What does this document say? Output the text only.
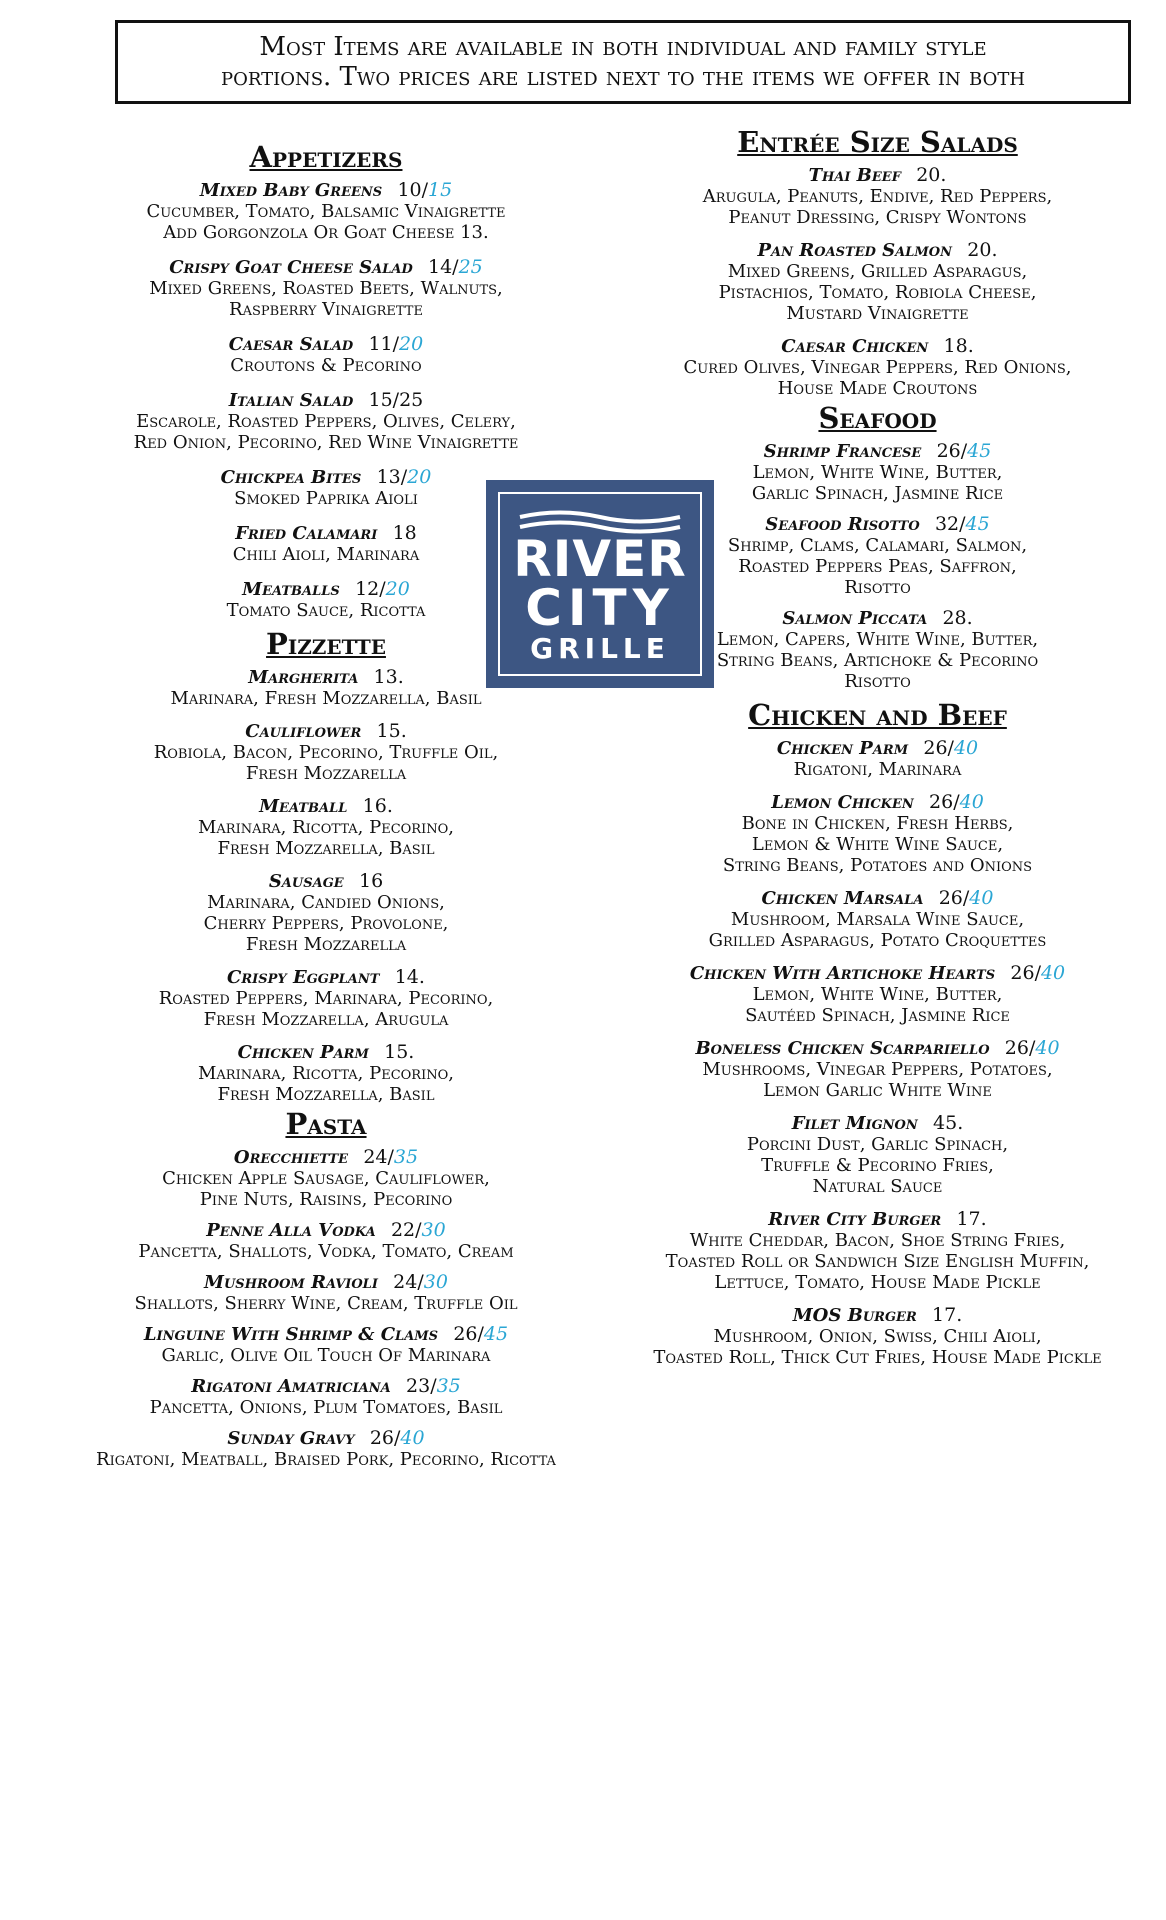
Most Items are available in both individual and family style
portions. Two prices are listed next to the items we offer in both
Appetizers
Mixed Baby Greens 10/15
Cucumber, Tomato, Balsamic Vinaigrette
Add Gorgonzola Or Goat Cheese 13.
Crispy Goat Cheese Salad 14/25
Mixed Greens, Roasted Beets, Walnuts,
Raspberry Vinaigrette
Caesar Salad 11/20
Croutons & Pecorino
Italian Salad 15/25
Escarole, Roasted Peppers, Olives, Celery,
Red Onion, Pecorino, Red Wine Vinaigrette
Chickpea Bites 13/20
Smoked Paprika Aioli
Fried Calamari 18
Chili Aioli, Marinara
Meatballs 12/20
Tomato Sauce, Ricotta
Pizzette
Margherita 13.
Marinara, Fresh Mozzarella, Basil
Cauliflower 15.
Robiola, Bacon, Pecorino, Truffle Oil,
Fresh Mozzarella
Meatball 16.
Marinara, Ricotta, Pecorino,
Fresh Mozzarella, Basil
Sausage 16
Marinara, Candied Onions,
Cherry Peppers, Provolone,
Fresh Mozzarella
Crispy Eggplant 14.
Roasted Peppers, Marinara, Pecorino,
Fresh Mozzarella, Arugula
Chicken Parm 15.
Marinara, Ricotta, Pecorino,
Fresh Mozzarella, Basil
Pasta
Orecchiette 24/35
Chicken Apple Sausage, Cauliflower,
Pine Nuts, Raisins, Pecorino
Penne Alla Vodka 22/30
Pancetta, Shallots, Vodka, Tomato, Cream
Mushroom Ravioli 24/30
Shallots, Sherry Wine, Cream, Truffle Oil
Linguine With Shrimp & Clams 26/45
Garlic, Olive Oil Touch Of Marinara
Rigatoni Amatriciana 23/35
Pancetta, Onions, Plum Tomatoes, Basil
Sunday Gravy 26/40
Rigatoni, Meatball, Braised Pork, Pecorino, Ricotta
Entrée Size Salads
Thai Beef 20.
Arugula, Peanuts, Endive, Red Peppers,
Peanut Dressing, Crispy Wontons
Pan Roasted Salmon 20.
Mixed Greens, Grilled Asparagus,
Pistachios, Tomato, Robiola Cheese,
Mustard Vinaigrette
Caesar Chicken 18.
Cured Olives, Vinegar Peppers, Red Onions,
House Made Croutons
Seafood
Shrimp Francese 26/45
Lemon, White Wine, Butter,
Garlic Spinach, Jasmine Rice
Seafood Risotto 32/45
Shrimp, Clams, Calamari, Salmon,
Roasted Peppers Peas, Saffron,
Risotto
Salmon Piccata 28.
Lemon, Capers, White Wine, Butter,
String Beans, Artichoke & Pecorino
Risotto
Chicken and Beef
Chicken Parm 26/40
Rigatoni, Marinara
Lemon Chicken 26/40
Bone in Chicken, Fresh Herbs,
Lemon & White Wine Sauce,
String Beans, Potatoes and Onions
Chicken Marsala 26/40
Mushroom, Marsala Wine Sauce,
Grilled Asparagus, Potato Croquettes
Chicken With Artichoke Hearts 26/40
Lemon, White Wine, Butter,
Sautéed Spinach, Jasmine Rice
Boneless Chicken Scarpariello 26/40
Mushrooms, Vinegar Peppers, Potatoes,
Lemon Garlic White Wine
Filet Mignon 45.
Porcini Dust, Garlic Spinach,
Truffle & Pecorino Fries,
Natural Sauce
River City Burger 17.
White Cheddar, Bacon, Shoe String Fries,
Toasted Roll or Sandwich Size English Muffin,
Lettuce, Tomato, House Made Pickle
MOS Burger 17.
Mushroom, Onion, Swiss, Chili Aioli,
Toasted Roll, Thick Cut Fries, House Made Pickle
RIVER
CITY
GRILLE
